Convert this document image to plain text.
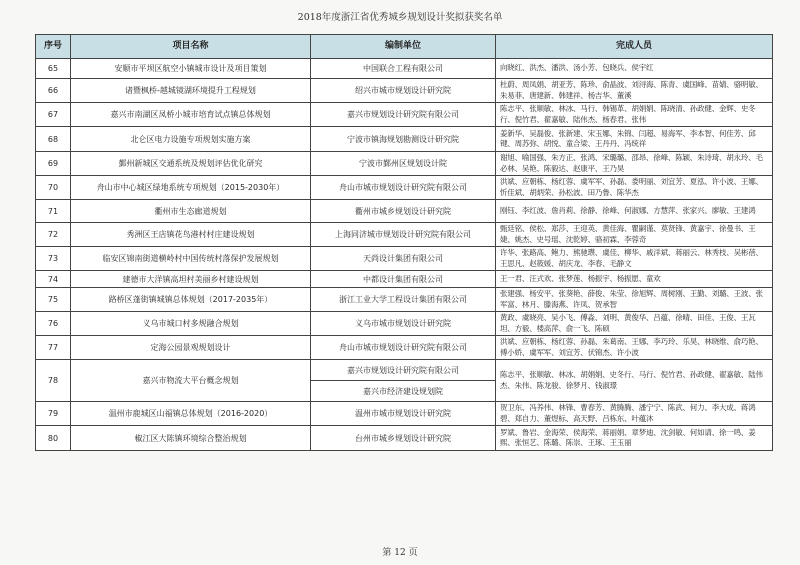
2018年度浙江省优秀城乡规划设计奖拟获奖名单
序号	项目名称	编制单位	完成人员
65	安顺市平坝区航空小镇城市设计及项目策划	中国联合工程有限公司	向晓红、洪杰、潘洪、汤小芳、包晓兵、侯宇红
66	诸暨枫桥-越城镜湖环境提升工程规划	绍兴市城市规划设计研究院	杜蔚、周凤娟、胡亚芳、陈珍、俞晶波、刘浔海、陈青、虞国峰、苗婧、骆明敏、朱易菲、唐建新、韩建祥、杨吉华、董溪
67	嘉兴市南湖区凤桥小城市培育试点镇总体规划	嘉兴市规划设计研究院有限公司	陈志平、张顺敏、林冰、马行、韩锡革、胡娟娟、陈晓清、孙政健、金辉、史冬行、倪竹君、翟嘉敏、陆伟杰、杨春君、张伟
68	北仑区电力设施专项规划实施方案	宁波市镇海规划勘测设计研究院	姜新华、吴磊俊、张新建、宋玉娜、朱锦、闫超、易海军、李本智、何佳芳、邱键、周苏弥、胡悦、童合梁、王丹丹、冯统祥
69	鄞州新城区交通系统及规划评估优化研究	宁波市鄞州区规划设计院	谢旭、喻国强、朱方正、张鸿、宋璐璐、邵昂、徐峰、陈颖、朱诗琦、胡永玲、毛必林、吴艳、陈毅达、赵康平、王乃昊
70	舟山市中心城区绿地系统专项规划（2015-2030年）	舟山市城市规划设计研究院有限公司	洪斌、应朝栋、杨红蓉、虞军军、孙磊、娄明丽、刘宜芳、夏泓、许小波、王娜、忻佳斌、胡炳荣、孙松波、田乃鲁、陈华杰
71	衢州市生态廊道规划	衢州市城乡规划设计研究院	刚钰、李红波、詹肖莉、徐静、徐峰、何淑娜、方慧萍、张家兴、廖敏、王建鸿
72	秀洲区王店镇花鸟港村村庄建设规划	上海同济城市规划设计研究院有限公司	甄廷铭、侯松、郑莎、王迎英、黄佳海、瞿嗣谨、莫贤锋、黄嘉宇、徐曼书、王婕、姚杰、史号瑶、沈乾婷、骆初霖、李蓉奇
73	临安区锦南街道横岭村中国传统村落保护发展规划	天尚设计集团有限公司	许华、张路高、鲍力、熊驰瓒、虞佳、柳华、戚洋斌、蒋丽云、林秀枝、吴彬蓓、王思凡、赵筱媛、胡庆龙、李春、毛静文
74	建德市大洋镇高坦村美丽乡村建设规划	中都设计集团有限公司	王一君、汪式欢、张梦莲、杨振宇、杨振愿、童欢
75	路桥区蓬街镇城镇总体规划（2017-2035年）	浙江工业大学工程设计集团有限公司	张建强、杨安平、张葵艳、薛俊、朱莹、徐旭辉、周树刚、王勤、刘璐、王波、张军富、林月、滕海燕、许凤、贺承智
76	义乌市城口村多规融合规划	义乌市城市规划设计研究院	黄政、虞晓亮、吴小飞、傅淼、刘明、黄俊华、吕蕴、徐晴、田佳、王俊、王瓦坦、方毅、楼高萍、俞一飞、陈硕
77	定海公园景观规划设计	舟山市城市规划设计研究院有限公司	洪斌、应朝栋、杨红蓉、孙磊、朱葛南、王娜、李巧玲、乐昊、林晓维、俞巧艳、傅小娇、虞军军、刘宜芳、伏锦杰、许小波
78	嘉兴市物流大平台概念规划	嘉兴市规划设计研究院有限公司	陈志平、张顺敏、林冰、胡娟娟、史冬行、马行、倪竹君、孙政健、翟嘉敏、陆伟杰、朱伟、陈龙骏、徐梦月、钱淑璟
		嘉兴市经济建设规划院	
79	温州市鹿城区山福镇总体规划（2016-2020）	温州市城市规划设计研究院	贺卫东、冯养伟、林锋、曹春芳、黄腾腾、潘宁宁、陈武、何力、李大成、蒋鸿碧、郑自力、董煜标、高天野、吕栋东、叶蕴沐
80	椒江区大陈镇环境综合整治规划	台州市城乡规划设计研究院	罗斌、鲁岩、金海荣、侯海荣、蒋丽娟、章梦迪、沈剑敏、何如请、徐一鸣、姜熙、张恒艺、陈璐、陈崇、王琢、王玉丽
第 12 页
